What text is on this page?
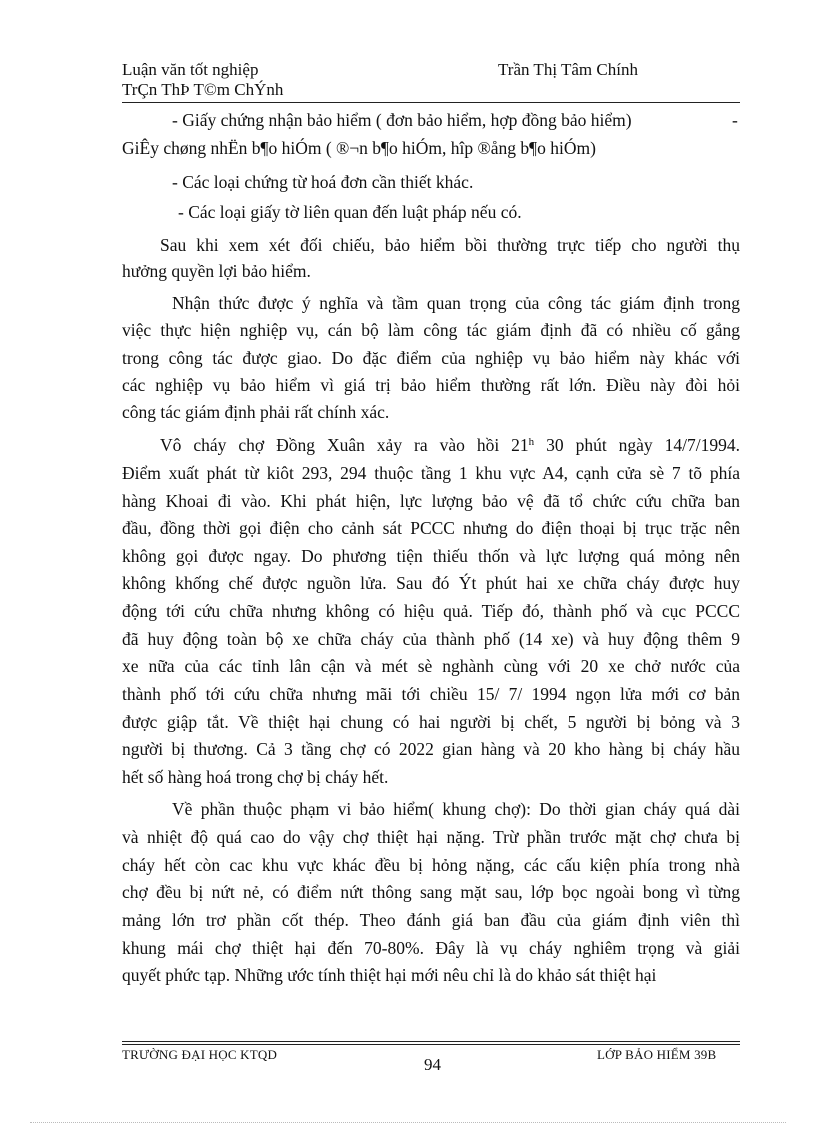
Luận văn tốt nghiệp	Trần Thị Tâm Chính
TrÇn ThÞ T©m ChÝnh
- Giấy chứng nhận bảo hiểm ( đơn bảo hiểm, hợp đồng bảo hiểm)	-
GiÊy chøng nhËn b¶o hiÓm ( ®¬n b¶o hiÓm, hîp ®ång b¶o hiÓm)
- Các loại chứng từ hoá đơn cần thiết khác.
- Các loại giấy tờ liên quan đến luật pháp nếu có.
Sau khi xem xét đối chiếu, bảo hiểm bồi thường trực tiếp cho người thụ
hưởng quyền lợi bảo hiểm.
Nhận thức được ý nghĩa và tầm quan trọng của công tác giám định trong
việc thực hiện nghiệp vụ, cán bộ làm công tác giám định đã có nhiều cố gắng
trong công tác được giao. Do đặc điểm của nghiệp vụ bảo hiểm này khác với
các nghiệp vụ bảo hiểm vì giá trị bảo hiểm thường rất lớn. Điều này đòi hỏi
công tác giám định phải rất chính xác.
Vô cháy chợ Đồng Xuân xảy ra vào hồi 21$^h$ 30 phút ngày 14/7/1994.
Điểm xuất phát từ kiôt 293, 294 thuộc tầng 1 khu vực A4, cạnh cửa sè 7 tõ phía
hàng Khoai đi vào. Khi phát hiện, lực lượng bảo vệ đã tổ chức cứu chữa ban
đầu, đồng thời gọi điện cho cảnh sát PCCC nhưng do điện thoại bị trục trặc nên
không gọi được ngay. Do phương tiện thiếu thốn và lực lượng quá mỏng nên
không khống chế được nguồn lửa. Sau đó Ýt phút hai xe chữa cháy được huy
động tới cứu chữa nhưng không có hiệu quả. Tiếp đó, thành phố và cục PCCC
đã huy động toàn bộ xe chữa cháy của thành phố (14 xe) và huy động thêm 9
xe nữa của các tỉnh lân cận và mét sè nghành cùng với 20 xe chở nước của
thành phố tới cứu chữa nhưng mãi tới chiều 15/ 7/ 1994 ngọn lửa mới cơ bản
được giập tắt. Về thiệt hại chung có hai người bị chết, 5 người bị bỏng và 3
người bị thương. Cả 3 tầng chợ có 2022 gian hàng và 20 kho hàng bị cháy hầu
hết số hàng hoá trong chợ bị cháy hết.
Về phần thuộc phạm vi bảo hiểm( khung chợ): Do thời gian cháy quá dài
và nhiệt độ quá cao do vậy chợ thiệt hại nặng. Trừ phần trước mặt chợ chưa bị
cháy hết còn cac khu vực khác đều bị hỏng nặng, các cấu kiện phía trong nhà
chợ đều bị nứt nẻ, có điểm nứt thông sang mặt sau, lớp bọc ngoài bong vì từng
mảng lớn trơ phần cốt thép. Theo đánh giá ban đầu của giám định viên thì
khung mái chợ thiệt hại đến 70-80%. Đây là vụ cháy nghiêm trọng và giải
quyết phức tạp. Những ước tính thiệt hại mới nêu chỉ là do khảo sát thiệt hại
TRƯỜNG ĐẠI HỌC KTQD
94
LỚP BẢO HIỂM 39B
